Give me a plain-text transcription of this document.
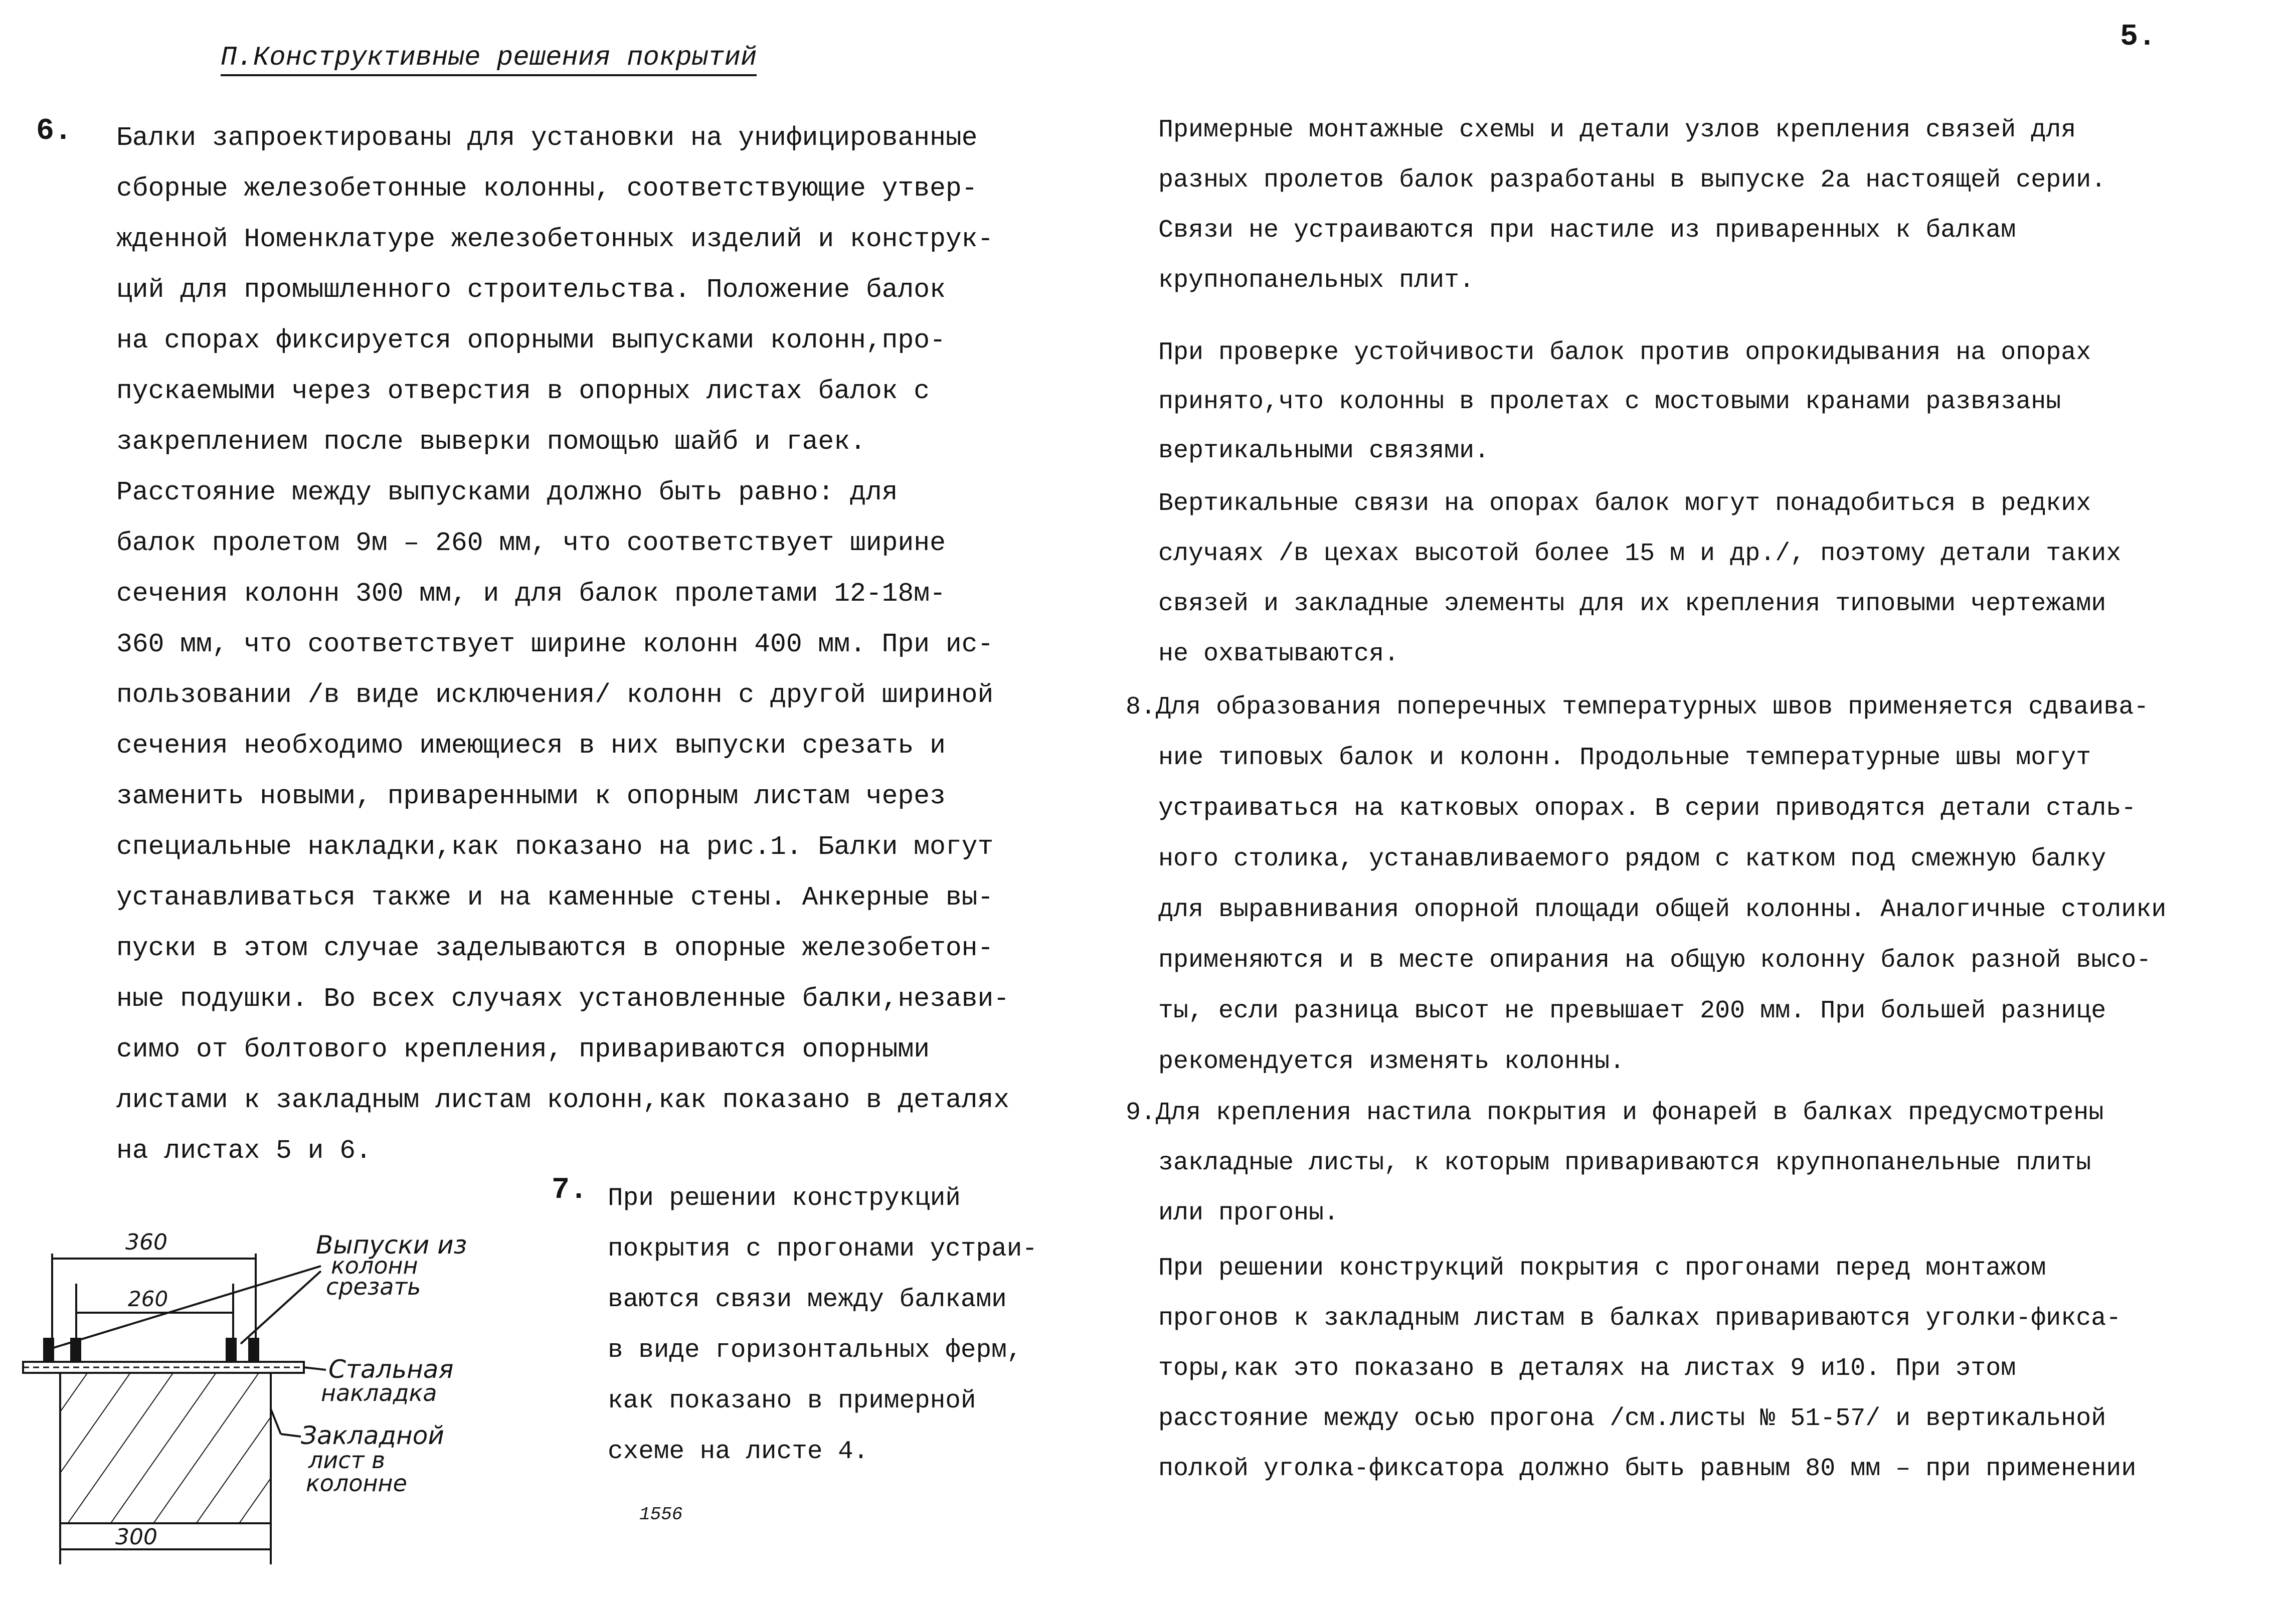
5.
П.Конструктивные решения покрытий
6. Балки запроектированы для установки на унифицированные
сборные железобетонные колонны, соответствующие утвер-
жденной Номенклатуре железобетонных изделий и конструк-
ций для промышленного строительства. Положение балок
на спорах фиксируется опорными выпусками колонн,про-
пускаемыми через отверстия в опорных листах балок с
закреплением после выверки помощью шайб и гаек.
Расстояние между выпусками должно быть равно: для
балок пролетом 9м – 260 мм, что соответствует ширине
сечения колонн 300 мм, и для балок пролетами 12-18м-
360 мм, что соответствует ширине колонн 400 мм. При ис-
пользовании /в виде исключения/ колонн с другой шириной
сечения необходимо имеющиеся в них выпуски срезать и
заменить новыми, приваренными к опорным листам через
специальные накладки,как показано на рис.1. Балки могут
устанавливаться также и на каменные стены. Анкерные вы-
пуски в этом случае заделываются в опорные железобетон-
ные подушки. Во всех случаях установленные балки,незави-
симо от болтового крепления, привариваются опорными
листами к закладным листам колонн,как показано в деталях
на листах 5 и 6.
7. При решении конструкций
покрытия с прогонами устраи-
ваются связи между балками
в виде горизонтальных ферм,
как показано в примерной
схеме на листе 4.
360
260
300
Выпуски из
колонн
срезать
Стальная
накладка
Закладной
лист в
колонне
1556
Примерные монтажные схемы и детали узлов крепления связей для
разных пролетов балок разработаны в выпуске 2а настоящей серии.
Связи не устраиваются при настиле из приваренных к балкам
крупнопанельных плит.
При проверке устойчивости балок против опрокидывания на опорах
принято,что колонны в пролетах с мостовыми кранами развязаны
вертикальными связями.
Вертикальные связи на опорах балок могут понадобиться в редких
случаях /в цехах высотой более 15 м и др./, поэтому детали таких
связей и закладные элементы для их крепления типовыми чертежами
не охватываются.
8.Для образования поперечных температурных швов применяется сдваива-
ние типовых балок и колонн. Продольные температурные швы могут
устраиваться на катковых опорах. В серии приводятся детали сталь-
ного столика, устанавливаемого рядом с катком под смежную балку
для выравнивания опорной площади общей колонны. Аналогичные столики
применяются и в месте опирания на общую колонну балок разной высо-
ты, если разница высот не превышает 200 мм. При большей разнице
рекомендуется изменять колонны.
9.Для крепления настила покрытия и фонарей в балках предусмотрены
закладные листы, к которым привариваются крупнопанельные плиты
или прогоны.
При решении конструкций покрытия с прогонами перед монтажом
прогонов к закладным листам в балках привариваются уголки-фикса-
торы,как это показано в деталях на листах 9 и10. При этом
расстояние между осью прогона /см.листы № 51-57/ и вертикальной
полкой уголка-фиксатора должно быть равным 80 мм – при применении
